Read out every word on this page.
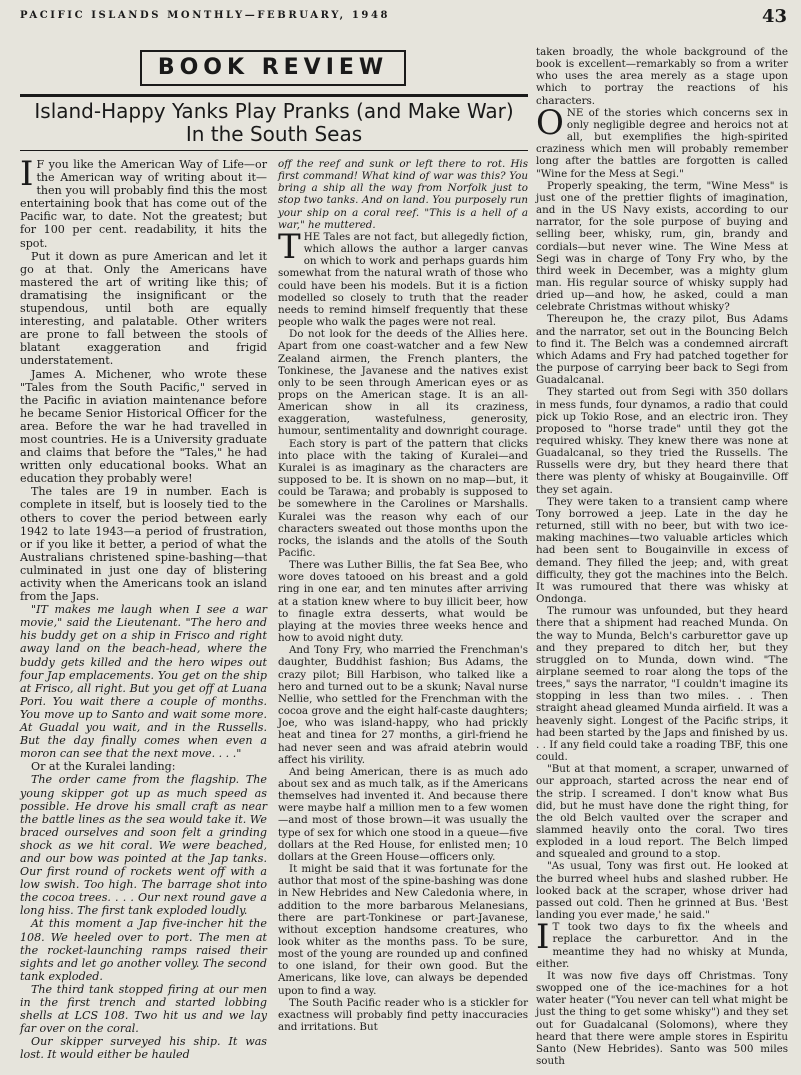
PACIFIC ISLANDS MONTHLY—FEBRUARY, 1948	43
BOOK REVIEW
Island-Happy Yanks Play Pranks (and Make War)
In the South Seas

I F you like the American Way of Life—or the American way of writing about it—then you will probably find this the most entertaining book that has come out of the Pacific war, to date. Not the greatest; but for 100 per cent. readability, it hits the spot.

Put it down as pure American and let it go at that. Only the Americans have mastered the art of writing like this; of dramatising the insignificant or the stupendous, until both are equally interesting, and palatable. Other writers are prone to fall between the stools of blatant exaggeration and frigid understatement.

James A. Michener, who wrote these "Tales from the South Pacific," served in the Pacific in aviation maintenance before he became Senior Historical Officer for the area. Before the war he had travelled in most countries. He is a University graduate and claims that before the "Tales," he had written only educational books. What an education they probably were!

The tales are 19 in number. Each is complete in itself, but is loosely tied to the others to cover the period between early 1942 to late 1943—a period of frustration, or if you like it better, a period of what the Australians christened spine-bashing—that culminated in just one day of blistering activity when the Americans took an island from the Japs.

"IT makes me laugh when I see a war movie," said the Lieutenant. "The hero and his buddy get on a ship in Frisco and right away land on the beach-head, where the buddy gets killed and the hero wipes out four Jap emplacements. You get on the ship at Frisco, all right. But you get off at Luana Pori. You wait there a couple of months. You move up to Santo and wait some more. At Guadal you wait, and in the Russells. But the day finally comes when even a moron can see that the next move. . . ."

Or at the Kuralei landing:

The order came from the flagship. The young skipper got up as much speed as possible. He drove his small craft as near the battle lines as the sea would take it. We braced ourselves and soon felt a grinding shock as we hit coral. We were beached, and our bow was pointed at the Jap tanks. Our first round of rockets went off with a low swish. Too high. The barrage shot into the cocoa trees. . . . Our next round gave a long hiss. The first tank exploded loudly.

At this moment a Jap five-incher hit the 108. We heeled over to port. The men at the rocket-launching ramps raised their sights and let go another volley. The second tank exploded.

The third tank stopped firing at our men in the first trench and started lobbing shells at LCS 108. Two hit us and we lay far over on the coral.

Our skipper surveyed his ship. It was lost. It would either be hauled

off the reef and sunk or left there to rot. His first command! What kind of war was this? You bring a ship all the way from Norfolk just to stop two tanks. And on land. You purposely run your ship on a coral reef. "This is a hell of a war," he muttered.

THE Tales are not fact, but allegedly fiction, which allows the author a larger canvas on which to work and perhaps guards him somewhat from the natural wrath of those who could have been his models. But it is a fiction modelled so closely to truth that the reader needs to remind himself frequently that these people who walk the pages were not real.

Do not look for the deeds of the Allies here. Apart from one coast-watcher and a few New Zealand airmen, the French planters, the Tonkinese, the Javanese and the natives exist only to be seen through American eyes or as props on the American stage. It is an all-American show in all its craziness, exaggeration, wastefulness, generosity, humour, sentimentality and downright courage.

Each story is part of the pattern that clicks into place with the taking of Kuralei—and Kuralei is as imaginary as the characters are supposed to be. It is shown on no map—but, it could be Tarawa; and probably is supposed to be somewhere in the Carolines or Marshalls. Kuralei was the reason why each of our characters sweated out those months upon the rocks, the islands and the atolls of the South Pacific.

There was Luther Billis, the fat Sea Bee, who wore doves tatooed on his breast and a gold ring in one ear, and ten minutes after arriving at a station knew where to buy illicit beer, how to finagle extra desserts, what would be playing at the movies three weeks hence and how to avoid night duty.

And Tony Fry, who married the Frenchman's daughter, Buddhist fashion; Bus Adams, the crazy pilot; Bill Harbison, who talked like a hero and turned out to be a skunk; Naval nurse Nellie, who settled for the Frenchman with the cocoa grove and the eight half-caste daughters; Joe, who was island-happy, who had prickly heat and tinea for 27 months, a girl-friend he had never seen and was afraid atebrin would affect his virility.

And being American, there is as much ado about sex and as much talk, as if the Americans themselves had invented it. And because there were maybe half a million men to a few women—and most of those brown—it was usually the type of sex for which one stood in a queue—five dollars at the Red House, for enlisted men; 10 dollars at the Green House—officers only.

It might be said that it was fortunate for the author that most of the spine-bashing was done in New Hebrides and New Caledonia where, in addition to the more barbarous Melanesians, there are part-Tonkinese or part-Javanese, without exception handsome creatures, who look whiter as the months pass. To be sure, most of the young are rounded up and confined to one island, for their own good. But the Americans, like love, can always be depended upon to find a way.

The South Pacific reader who is a stickler for exactness will probably find petty inaccuracies and irritations. But

taken broadly, the whole background of the book is excellent—remarkably so from a writer who uses the area merely as a stage upon which to portray the reactions of his characters.

ONE of the stories which concerns sex in only negligible degree and heroics not at all, but exemplifies the high-spirited craziness which men will probably remember long after the battles are forgotten is called "Wine for the Mess at Segi."

Properly speaking, the term, "Wine Mess" is just one of the prettier flights of imagination, and in the US Navy exists, according to our narrator, for the sole purpose of buying and selling beer, whisky, rum, gin, brandy and cordials—but never wine. The Wine Mess at Segi was in charge of Tony Fry who, by the third week in December, was a mighty glum man. His regular source of whisky supply had dried up—and how, he asked, could a man celebrate Christmas without whisky?

Thereupon he, the crazy pilot, Bus Adams and the narrator, set out in the Bouncing Belch to find it. The Belch was a condemned aircraft which Adams and Fry had patched together for the purpose of carrying beer back to Segi from Guadalcanal.

They started out from Segi with 350 dollars in mess funds, four dynamos, a radio that could pick up Tokio Rose, and an electric iron. They proposed to "horse trade" until they got the required whisky. They knew there was none at Guadalcanal, so they tried the Russells. The Russells were dry, but they heard there that there was plenty of whisky at Bougainville. Off they set again.

They were taken to a transient camp where Tony borrowed a jeep. Late in the day he returned, still with no beer, but with two ice-making machines—two valuable articles which had been sent to Bougainville in excess of demand. They filled the jeep; and, with great difficulty, they got the machines into the Belch. It was rumoured that there was whisky at Ondonga.

The rumour was unfounded, but they heard there that a shipment had reached Munda. On the way to Munda, Belch's carburettor gave up and they prepared to ditch her, but they struggled on to Munda, down wind. "The airplane seemed to roar along the tops of the trees," says the narrator, "I couldn't imagine its stopping in less than two miles. . . Then straight ahead gleamed Munda airfield. It was a heavenly sight. Longest of the Pacific strips, it had been started by the Japs and finished by us. . . If any field could take a roading TBF, this one could.

"But at that moment, a scraper, unwarned of our approach, started across the near end of the strip. I screamed. I don't know what Bus did, but he must have done the right thing, for the old Belch vaulted over the scraper and slammed heavily onto the coral. Two tires exploded in a loud report. The Belch limped and squealed and ground to a stop.

"As usual, Tony was first out. He looked at the burred wheel hubs and slashed rubber. He looked back at the scraper, whose driver had passed out cold. Then he grinned at Bus. 'Best landing you ever made,' he said."

I T took two days to fix the wheels and replace the carburettor. And in the meantime they had no whisky at Munda, either.

It was now five days off Christmas. Tony swopped one of the ice-machines for a hot water heater ("You never can tell what might be just the thing to get some whisky") and they set out for Guadalcanal (Solomons), where they heard that there were ample stores in Espiritu Santo (New Hebrides). Santo was 500 miles south
